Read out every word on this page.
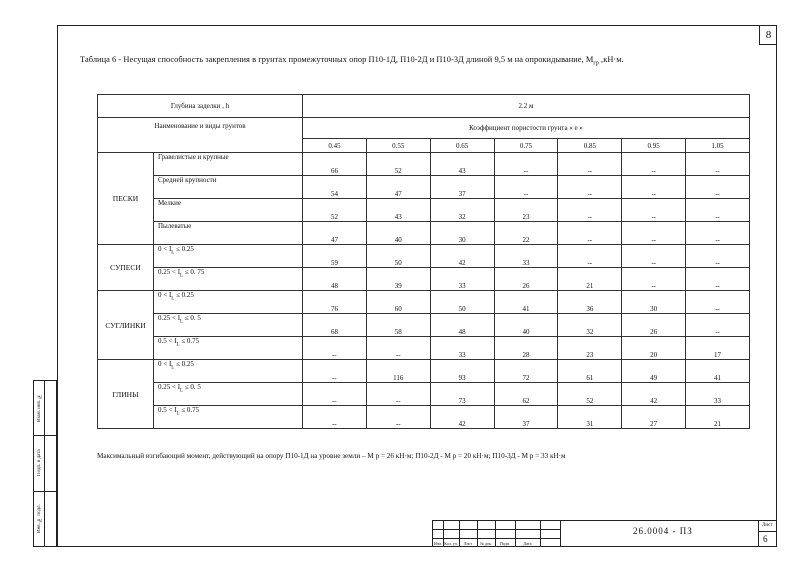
8
Таблица 6 - Несущая способность закрепления в грунтах промежуточных опор П10-1Д, П10-2Д и П10-3Д длиной 9,5 м на опрокидывание, $М_{гр}$ ,кН·м.
Глубина заделки , h		2.2 м						
Наименование и виды грунтов		Коэффициент пористости грунта « е »						
		0.45	0.55	0.65	0.75	0.85	0.95	1.05
ПЕСКИ	Гравелистые и крупные	66	52	43	--	--	--	--
	Средней крупности	54	47	37	--	--	--	--
	Мелкие	52	43	32	23	--	--	--
	Пылеватые	47	40	30	22	--	--	--
СУПЕСИ	$0 < I_L \le 0.25$	59	50	42	33	--	--	--
	$0.25 < I_L \le 0$. 75	48	39	33	26	21	--	--
СУГЛИНКИ	$0 < I_L \le 0.25$	76	60	50	41	36	30	--
	$0.25 < I_L \le 0$. 5	68	58	48	40	32	26	--
	$0.5 < I_L \le 0.75$	--	--	33	28	23	20	17
ГЛИНЫ	$0 < I_L \le 0.25$	--	116	93	72	61	49	41
	$0.25 < I_L \le 0$. 5	--	--	73	62	52	42	33
	$0.5 < I_L \le 0.75$	--	--	42	37	31	27	21
Максимальный изгибающий момент, действующий на опору П10-1Д на уровне земли – М р = 26 кН·м; П10-2Д - М р = 20 кН·м; П10-3Д - М р = 33 кН·м
Взам. инв. №
Подп. и дата
Инв. № подл.
Изм. Кол. уч. Лист № док. Подп.	Дата
26.0004 - ПЗ
Лист
6
